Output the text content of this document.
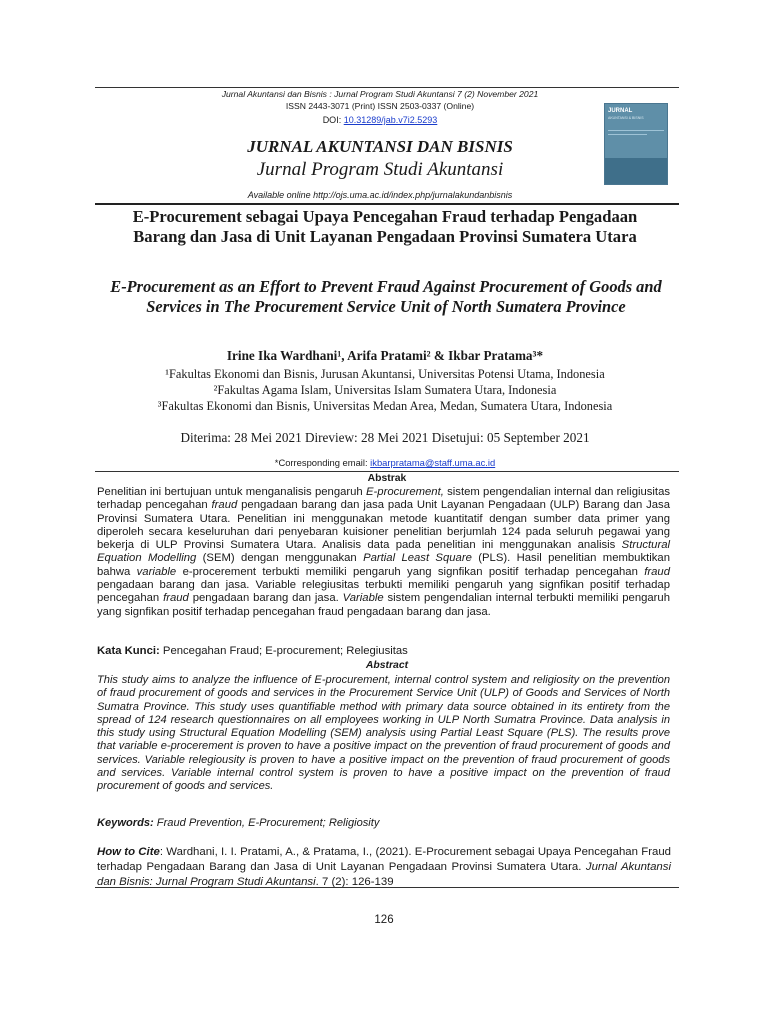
Jurnal Akuntansi dan Bisnis : Jurnal Program Studi Akuntansi 7 (2) November 2021
ISSN 2443-3071 (Print) ISSN 2503-0337 (Online)
DOI: 10.31289/jab.v7i2.5293
JURNAL AKUNTANSI DAN BISNIS
Jurnal Program Studi Akuntansi
JURNAL
AKUNTANSI & BISNIS
Available online http://ojs.uma.ac.id/index.php/jurnalakundanbisnis
E-Procurement sebagai Upaya Pencegahan Fraud terhadap Pengadaan Barang dan Jasa di Unit Layanan Pengadaan Provinsi Sumatera Utara
E-Procurement as an Effort to Prevent Fraud Against Procurement of Goods and Services in The Procurement Service Unit of North Sumatera Province
Irine Ika Wardhani¹, Arifa Pratami² & Ikbar Pratama³*
¹Fakultas Ekonomi dan Bisnis, Jurusan Akuntansi, Universitas Potensi Utama, Indonesia
²Fakultas Agama Islam, Universitas Islam Sumatera Utara, Indonesia
³Fakultas Ekonomi dan Bisnis, Universitas Medan Area, Medan, Sumatera Utara, Indonesia
Diterima: 28 Mei 2021 Direview: 28 Mei 2021 Disetujui: 05 September 2021
*Corresponding email: ikbarpratama@staff.uma.ac.id
Abstrak
Penelitian ini bertujuan untuk menganalisis pengaruh E-procurement, sistem pengendalian internal dan religiusitas terhadap pencegahan fraud pengadaan barang dan jasa pada Unit Layanan Pengadaan (ULP) Barang dan Jasa Provinsi Sumatera Utara. Penelitian ini menggunakan metode kuantitatif dengan sumber data primer yang diperoleh secara keseluruhan dari penyebaran kuisioner penelitian berjumlah 124 pada seluruh pegawai yang bekerja di ULP Provinsi Sumatera Utara. Analisis data pada penelitian ini menggunakan analisis Structural Equation Modelling (SEM) dengan menggunakan Partial Least Square (PLS). Hasil penelitian membuktikan bahwa variable e-procerement terbukti memiliki pengaruh yang signfikan positif terhadap pencegahan fraud pengadaan barang dan jasa. Variable relegiusitas terbukti memiliki pengaruh yang signfikan positif terhadap pencegahan fraud pengadaan barang dan jasa. Variable sistem pengendalian internal terbukti memiliki pengaruh yang signfikan positif terhadap pencegahan fraud pengadaan barang dan jasa.
Kata Kunci: Pencegahan Fraud; E-procurement; Relegiusitas
Abstract
This study aims to analyze the influence of E-procurement, internal control system and religiosity on the prevention of fraud procurement of goods and services in the Procurement Service Unit (ULP) of Goods and Services of North Sumatra Province. This study uses quantifiable method with primary data source obtained in its entirety from the spread of 124 research questionnaires on all employees working in ULP North Sumatra Province. Data analysis in this study using Structural Equation Modelling (SEM) analysis using Partial Least Square (PLS). The results prove that variable e-procerement is proven to have a positive impact on the prevention of fraud procurement of goods and services. Variable relegiousity is proven to have a positive impact on the prevention of fraud procurement of goods and services. Variable internal control system is proven to have a positive impact on the prevention of fraud procurement of goods and services.
Keywords: Fraud Prevention, E-Procurement; Religiosity
How to Cite: Wardhani, I. I. Pratami, A., & Pratama, I., (2021). E-Procurement sebagai Upaya Pencegahan Fraud terhadap Pengadaan Barang dan Jasa di Unit Layanan Pengadaan Provinsi Sumatera Utara. Jurnal Akuntansi dan Bisnis: Jurnal Program Studi Akuntansi. 7 (2): 126-139
126
